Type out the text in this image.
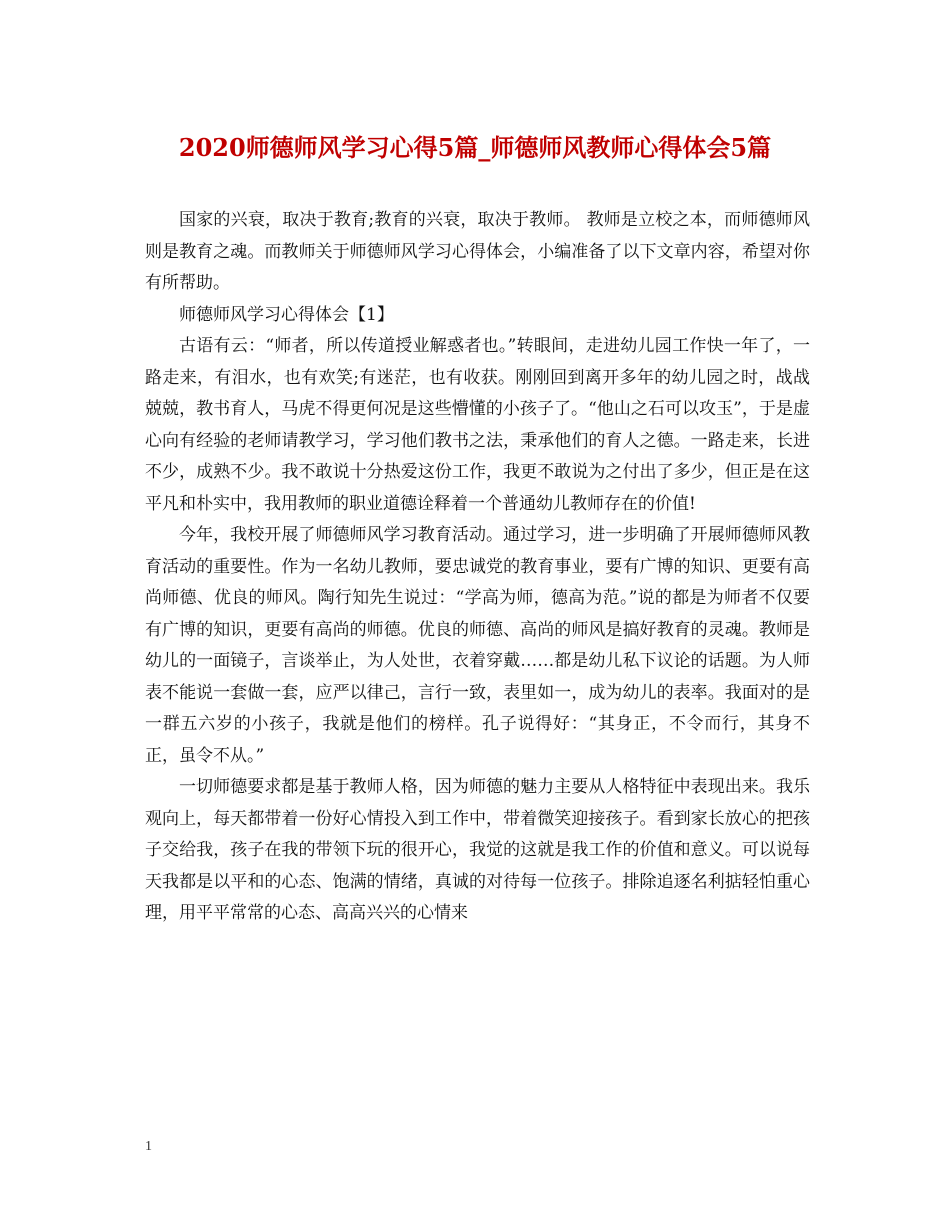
2020师德师风学习心得5篇_师德师风教师心得体会5篇

国家的兴衰，取决于教育;教育的兴衰，取决于教师。 教师是立校之本，而师德师风则是教育之魂。而教师关于师德师风学习心得体会，小编准备了以下文章内容，希望对你有所帮助。

师德师风学习心得体会【1】

古语有云：“师者，所以传道授业解惑者也。”转眼间，走进幼儿园工作快一年了，一路走来，有泪水，也有欢笑;有迷茫，也有收获。刚刚回到离开多年的幼儿园之时，战战兢兢，教书育人，马虎不得更何况是这些懵懂的小孩子了。“他山之石可以攻玉”，于是虚心向有经验的老师请教学习，学习他们教书之法，秉承他们的育人之德。一路走来，长进不少，成熟不少。我不敢说十分热爱这份工作，我更不敢说为之付出了多少，但正是在这平凡和朴实中，我用教师的职业道德诠释着一个普通幼儿教师存在的价值!

今年，我校开展了师德师风学习教育活动。通过学习，进一步明确了开展师德师风教育活动的重要性。作为一名幼儿教师，要忠诚党的教育事业，要有广博的知识、更要有高尚师德、优良的师风。陶行知先生说过：“学高为师，德高为范。”说的都是为师者不仅要有广博的知识，更要有高尚的师德。优良的师德、高尚的师风是搞好教育的灵魂。教师是幼儿的一面镜子，言谈举止，为人处世，衣着穿戴……都是幼儿私下议论的话题。为人师表不能说一套做一套，应严以律己，言行一致，表里如一，成为幼儿的表率。我面对的是一群五六岁的小孩子，我就是他们的榜样。孔子说得好：“其身正，不令而行，其身不正，虽令不从。”

一切师德要求都是基于教师人格，因为师德的魅力主要从人格特征中表现出来。我乐观向上，每天都带着一份好心情投入到工作中，带着微笑迎接孩子。看到家长放心的把孩子交给我，孩子在我的带领下玩的很开心，我觉的这就是我工作的价值和意义。可以说每天我都是以平和的心态、饱满的情绪，真诚的对待每一位孩子。排除追逐名利掂轻怕重心理，用平平常常的心态、高高兴兴的心情来

1
